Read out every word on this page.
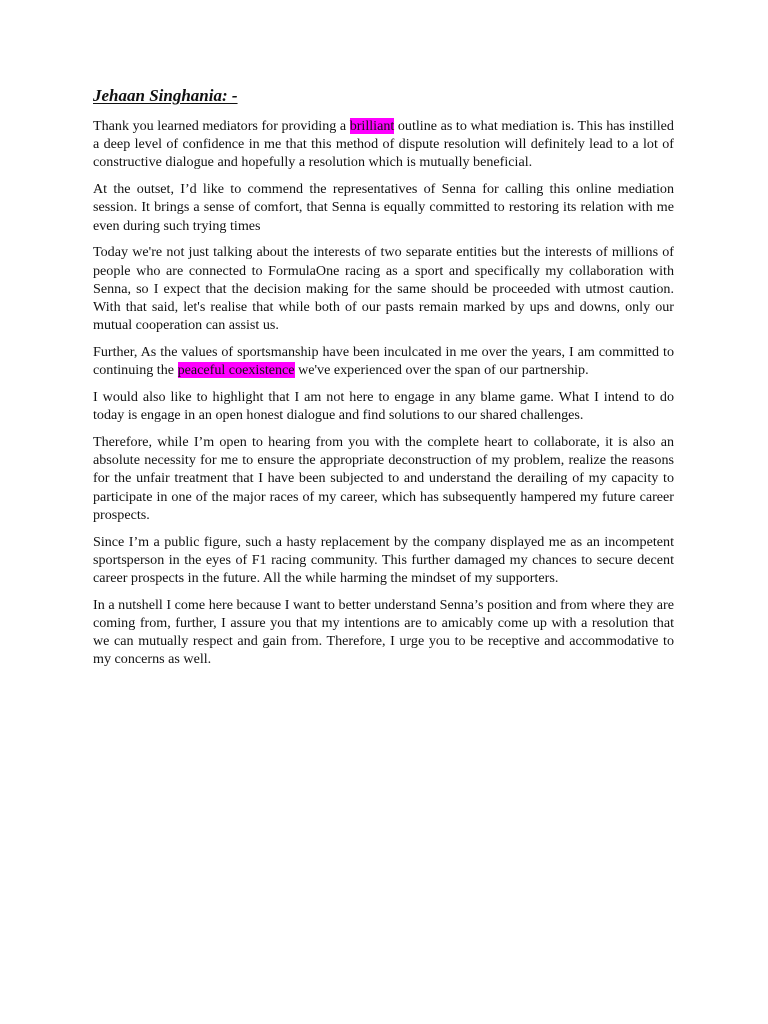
Jehaan Singhania: -

Thank you learned mediators for providing a brilliant outline as to what mediation is. This has instilled a deep level of confidence in me that this method of dispute resolution will definitely lead to a lot of constructive dialogue and hopefully a resolution which is mutually beneficial.

At the outset, I’d like to commend the representatives of Senna for calling this online mediation session. It brings a sense of comfort, that Senna is equally committed to restoring its relation with me even during such trying times

Today we're not just talking about the interests of two separate entities but the interests of millions of people who are connected to FormulaOne racing as a sport and specifically my collaboration with Senna, so I expect that the decision making for the same should be proceeded with utmost caution. With that said, let's realise that while both of our pasts remain marked by ups and downs, only our mutual cooperation can assist us.

Further, As the values of sportsmanship have been inculcated in me over the years, I am committed to continuing the peaceful coexistence we've experienced over the span of our partnership.

I would also like to highlight that I am not here to engage in any blame game. What I intend to do today is engage in an open honest dialogue and find solutions to our shared challenges.

Therefore, while I’m open to hearing from you with the complete heart to collaborate, it is also an absolute necessity for me to ensure the appropriate deconstruction of my problem, realize the reasons for the unfair treatment that I have been subjected to and understand the derailing of my capacity to participate in one of the major races of my career, which has subsequently hampered my future career prospects.

Since I’m a public figure, such a hasty replacement by the company displayed me as an incompetent sportsperson in the eyes of F1 racing community. This further damaged my chances to secure decent career prospects in the future. All the while harming the mindset of my supporters.

In a nutshell I come here because I want to better understand Senna’s position and from where they are coming from, further, I assure you that my intentions are to amicably come up with a resolution that we can mutually respect and gain from. Therefore, I urge you to be receptive and accommodative to my concerns as well.
